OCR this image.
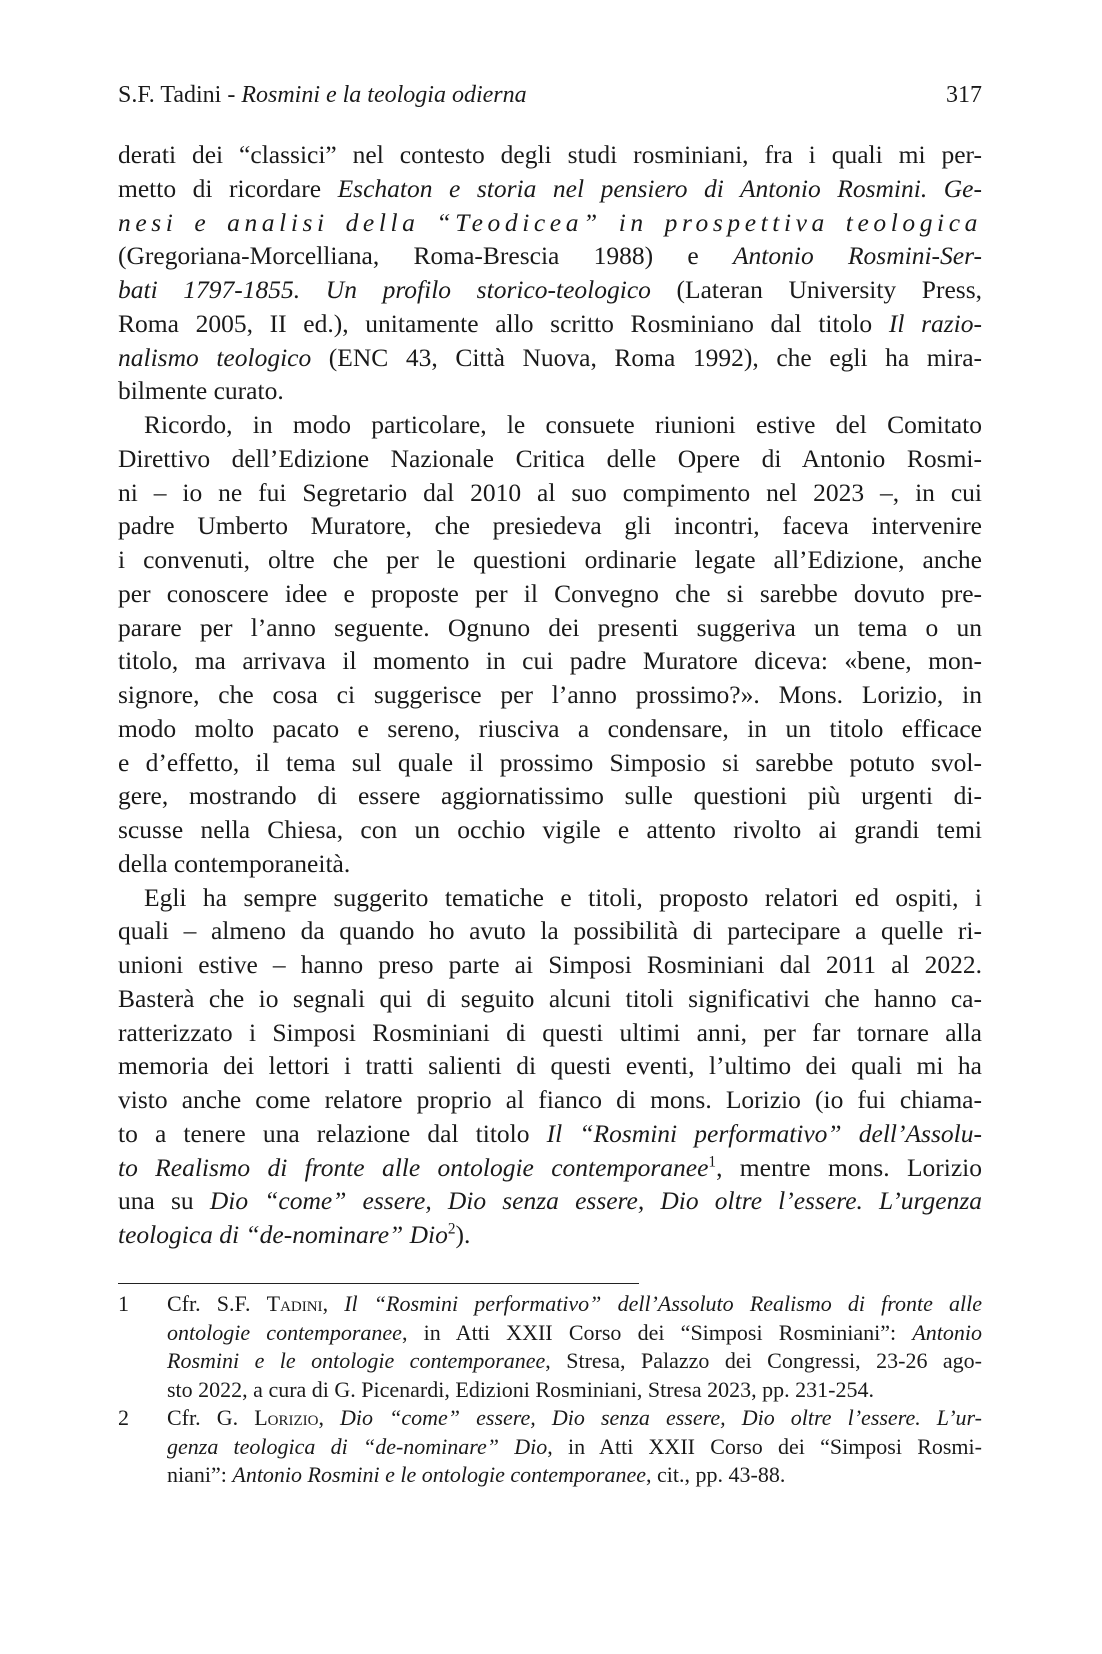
S.F. Tadini - Rosmini e la teologia odierna	317
derati dei “classici” nel contesto degli studi rosminiani, fra i quali mi per-
metto di ricordare Eschaton e storia nel pensiero di Antonio Rosmini. Ge-
nesi e analisi della “Teodicea” in prospettiva teologica
(Gregoriana-Morcelliana, Roma-Brescia 1988) e Antonio Rosmini-Ser-
bati 1797-1855. Un profilo storico-teologico (Lateran University Press,
Roma 2005, II ed.), unitamente allo scritto Rosminiano dal titolo Il razio-
nalismo teologico (ENC 43, Città Nuova, Roma 1992), che egli ha mira-
bilmente curato.
Ricordo, in modo particolare, le consuete riunioni estive del Comitato
Direttivo dell’Edizione Nazionale Critica delle Opere di Antonio Rosmi-
ni – io ne fui Segretario dal 2010 al suo compimento nel 2023 –, in cui
padre Umberto Muratore, che presiedeva gli incontri, faceva intervenire
i convenuti, oltre che per le questioni ordinarie legate all’Edizione, anche
per conoscere idee e proposte per il Convegno che si sarebbe dovuto pre-
parare per l’anno seguente. Ognuno dei presenti suggeriva un tema o un
titolo, ma arrivava il momento in cui padre Muratore diceva: «bene, mon-
signore, che cosa ci suggerisce per l’anno prossimo?». Mons. Lorizio, in
modo molto pacato e sereno, riusciva a condensare, in un titolo efficace
e d’effetto, il tema sul quale il prossimo Simposio si sarebbe potuto svol-
gere, mostrando di essere aggiornatissimo sulle questioni più urgenti di-
scusse nella Chiesa, con un occhio vigile e attento rivolto ai grandi temi
della contemporaneità.
Egli ha sempre suggerito tematiche e titoli, proposto relatori ed ospiti, i
quali – almeno da quando ho avuto la possibilità di partecipare a quelle ri-
unioni estive – hanno preso parte ai Simposi Rosminiani dal 2011 al 2022.
Basterà che io segnali qui di seguito alcuni titoli significativi che hanno ca-
ratterizzato i Simposi Rosminiani di questi ultimi anni, per far tornare alla
memoria dei lettori i tratti salienti di questi eventi, l’ultimo dei quali mi ha
visto anche come relatore proprio al fianco di mons. Lorizio (io fui chiama-
to a tenere una relazione dal titolo Il “Rosmini performativo” dell’Assolu-
to Realismo di fronte alle ontologie contemporanee$^1$, mentre mons. Lorizio
una su Dio “come” essere, Dio senza essere, Dio oltre l’essere. L’urgenza
teologica di “de-nominare” Dio$^2$).
1 Cfr. S.F. Tadini, Il “Rosmini performativo” dell’Assoluto Realismo di fronte alle
ontologie contemporanee, in Atti XXII Corso dei “Simposi Rosminiani”: Antonio
Rosmini e le ontologie contemporanee, Stresa, Palazzo dei Congressi, 23-26 ago-
sto 2022, a cura di G. Picenardi, Edizioni Rosminiani, Stresa 2023, pp. 231-254.
2 Cfr. G. Lorizio, Dio “come” essere, Dio senza essere, Dio oltre l’essere. L’ur-
genza teologica di “de-nominare” Dio, in Atti XXII Corso dei “Simposi Rosmi-
niani”: Antonio Rosmini e le ontologie contemporanee, cit., pp. 43-88.
